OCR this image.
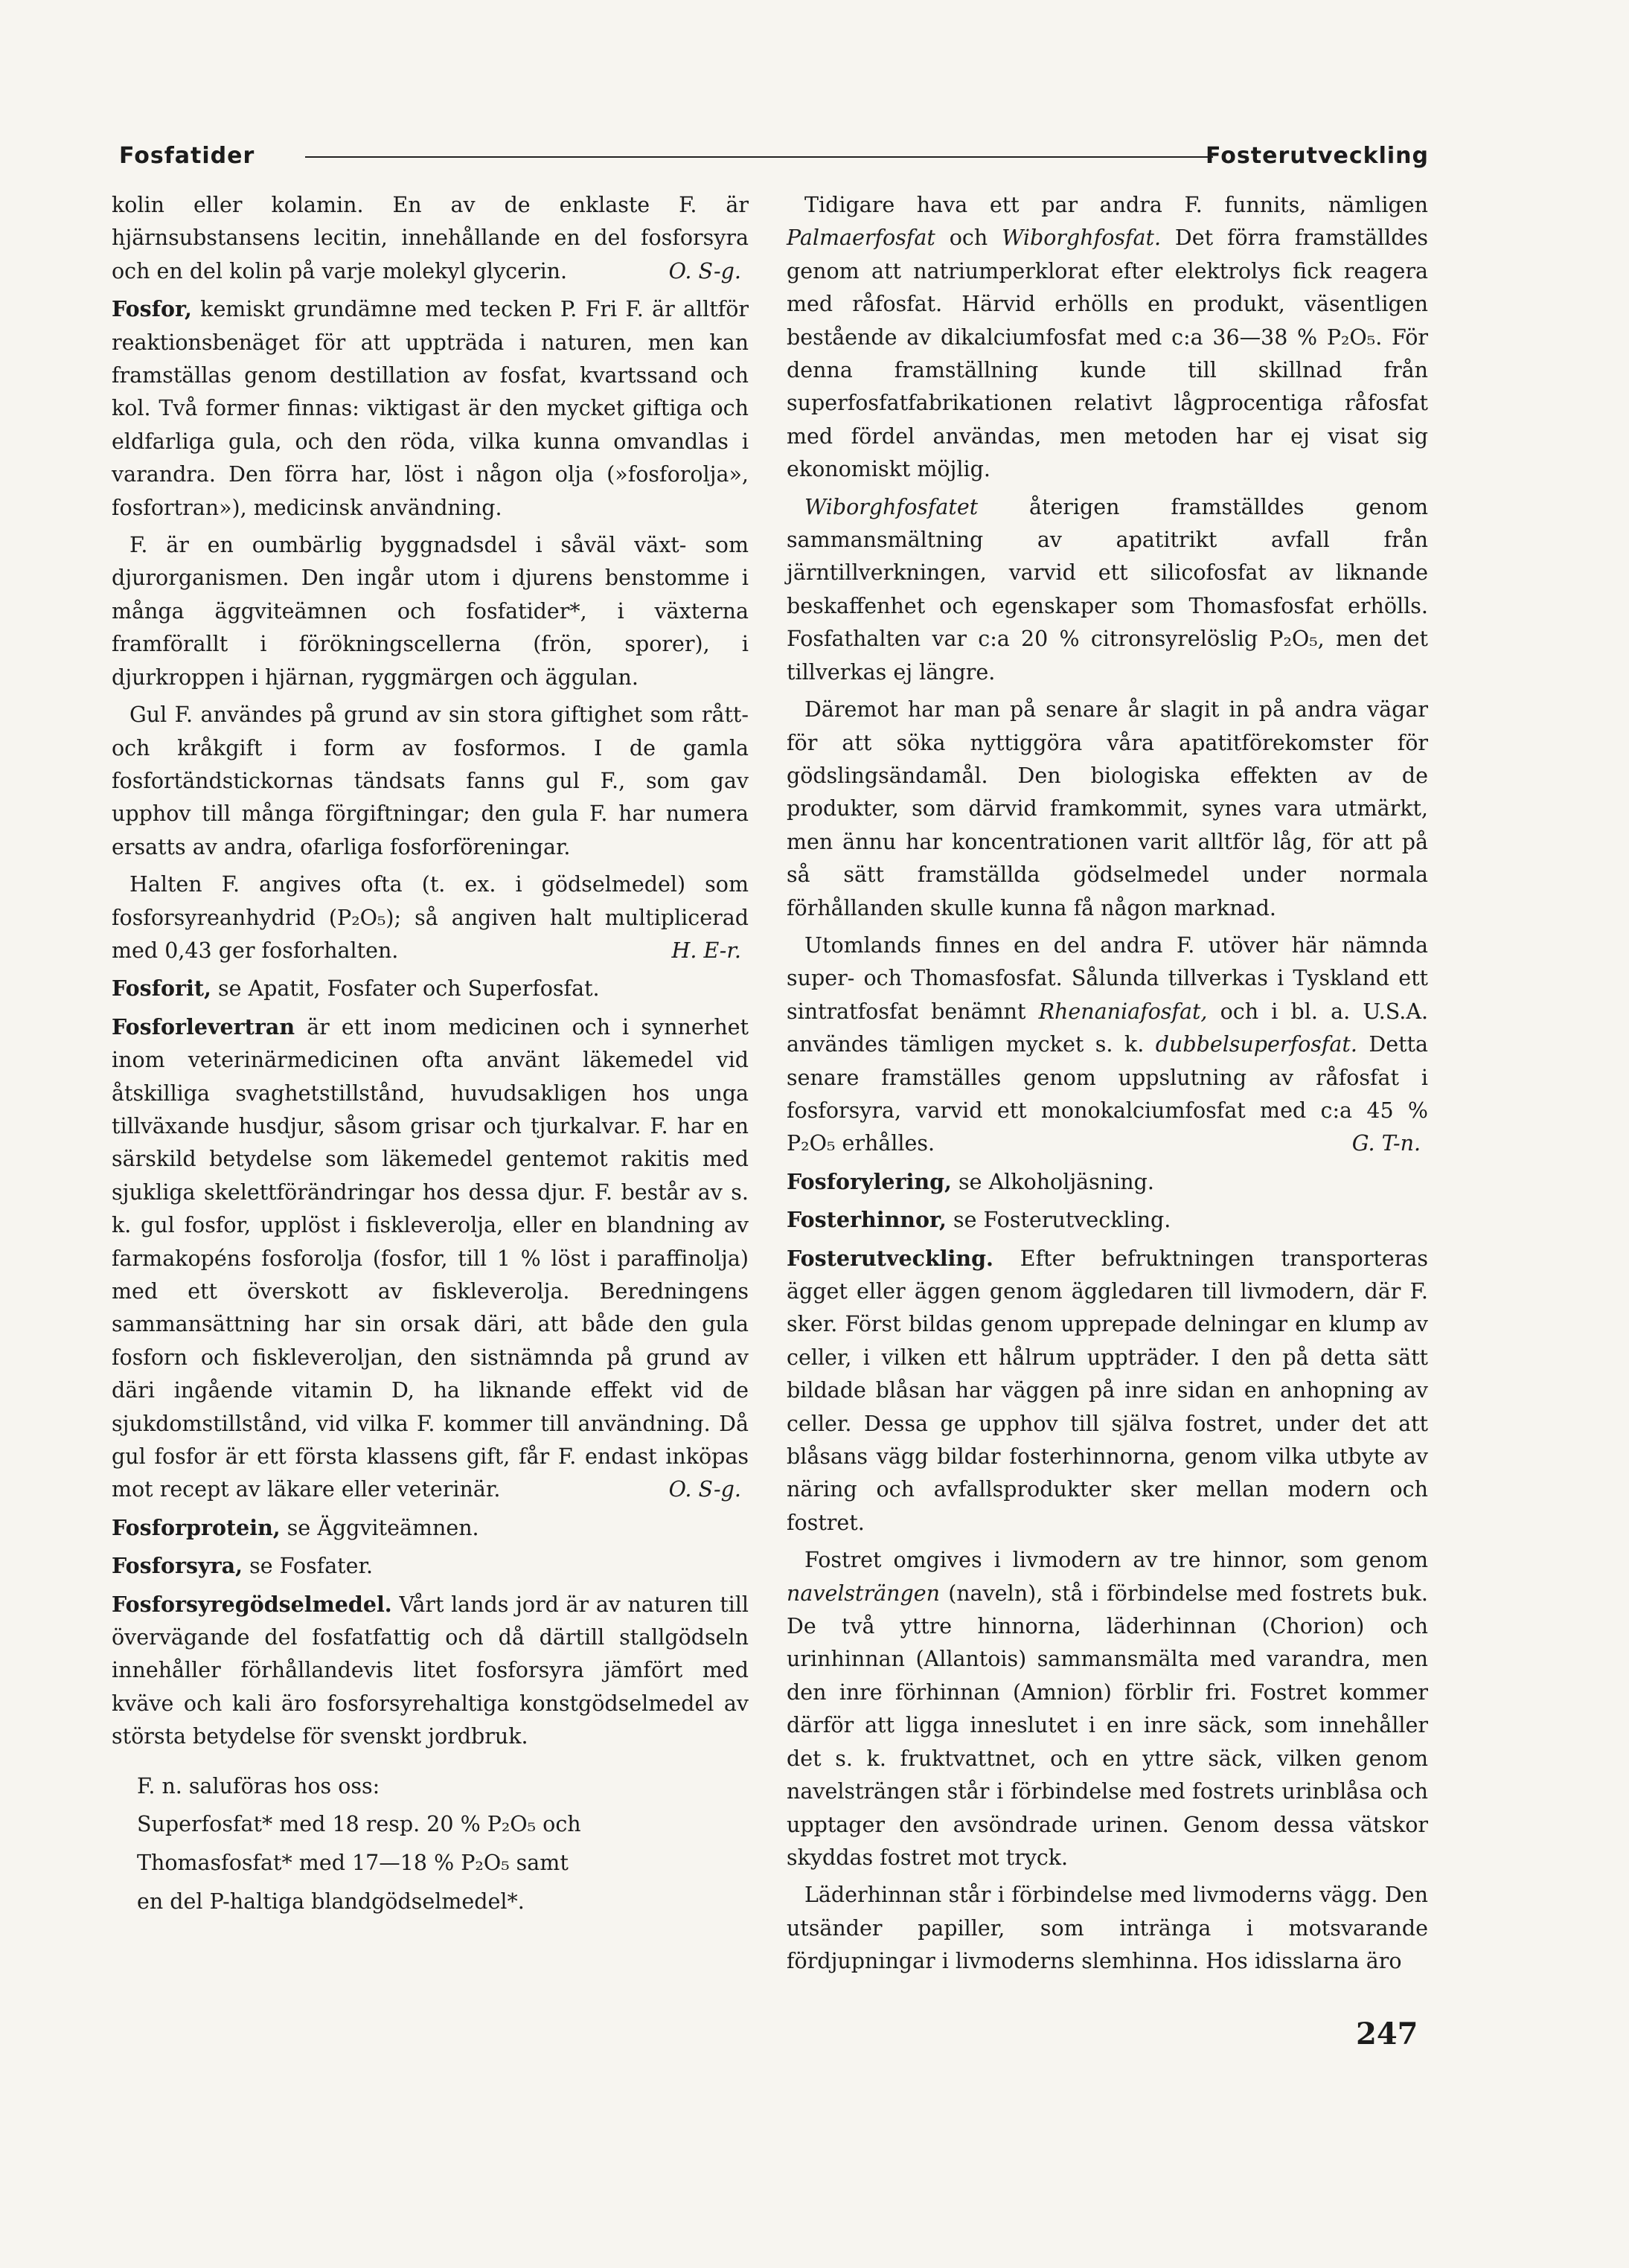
Fosfatider	Fosterutveckling

kolin eller kolamin. En av de enklaste F. är hjärnsubstansens lecitin, innehållande en del fosforsyra och en del kolin på varje molekyl glycerin.	O. S-g.

Fosfor, kemiskt grundämne med tecken P. Fri F. är alltför reaktionsbenäget för att uppträda i naturen, men kan framställas genom destillation av fosfat, kvartssand och kol. Två former finnas: viktigast är den mycket giftiga och eldfarliga gula, och den röda, vilka kunna omvandlas i varandra. Den förra har, löst i någon olja (»fosforolja», fosfortran»), medicinsk användning.

F. är en oumbärlig byggnadsdel i såväl växt- som djurorganismen. Den ingår utom i djurens benstomme i många äggviteämnen och fosfatider*, i växterna framförallt i förökningscellerna (frön, sporer), i djurkroppen i hjärnan, ryggmärgen och äggulan.

Gul F. användes på grund av sin stora giftighet som rått- och kråkgift i form av fosformos. I de gamla fosfortändstickornas tändsats fanns gul F., som gav upphov till många förgiftningar; den gula F. har numera ersatts av andra, ofarliga fosforföreningar.

Halten F. angives ofta (t. ex. i gödselmedel) som fosforsyreanhydrid (P₂O₅); så angiven halt multiplicerad med 0,43 ger fosforhalten.	H. E-r.

Fosforit, se Apatit, Fosfater och Superfosfat.

Fosforlevertran är ett inom medicinen och i synnerhet inom veterinärmedicinen ofta använt läkemedel vid åtskilliga svaghetstillstånd, huvudsakligen hos unga tillväxande husdjur, såsom grisar och tjurkalvar. F. har en särskild betydelse som läkemedel gentemot rakitis med sjukliga skelettförändringar hos dessa djur. F. består av s. k. gul fosfor, upplöst i fiskleverolja, eller en blandning av farmakopéns fosforolja (fosfor, till 1 % löst i paraffinolja) med ett överskott av fiskleverolja. Beredningens sammansättning har sin orsak däri, att både den gula fosforn och fiskleveroljan, den sistnämnda på grund av däri ingående vitamin D, ha liknande effekt vid de sjukdomstillstånd, vid vilka F. kommer till användning. Då gul fosfor är ett första klassens gift, får F. endast inköpas mot recept av läkare eller veterinär.	O. S-g.

Fosforprotein, se Äggviteämnen.

Fosforsyra, se Fosfater.

Fosforsyregödselmedel. Vårt lands jord är av naturen till övervägande del fosfatfattig och då därtill stallgödseln innehåller förhållandevis litet fosforsyra jämfört med kväve och kali äro fosforsyrehaltiga konstgödselmedel av största betydelse för svenskt jordbruk.

F. n. saluföras hos oss:

Superfosfat* med 18 resp. 20 % P₂O₅ och

Thomasfosfat* med 17—18 % P₂O₅ samt

en del P-haltiga blandgödselmedel*.

Tidigare hava ett par andra F. funnits, nämligen Palmaerfosfat och Wiborghfosfat. Det förra framställdes genom att natriumperklorat efter elektrolys fick reagera med råfosfat. Härvid erhölls en produkt, väsentligen bestående av dikalciumfosfat med c:a 36—38 % P₂O₅. För denna framställning kunde till skillnad från superfosfatfabrikationen relativt lågprocentiga råfosfat med fördel användas, men metoden har ej visat sig ekonomiskt möjlig.

Wiborghfosfatet återigen framställdes genom sammansmältning av apatitrikt avfall från järntillverkningen, varvid ett silicofosfat av liknande beskaffenhet och egenskaper som Thomasfosfat erhölls. Fosfathalten var c:a 20 % citronsyrelöslig P₂O₅, men det tillverkas ej längre.

Däremot har man på senare år slagit in på andra vägar för att söka nyttiggöra våra apatitförekomster för gödslingsändamål. Den biologiska effekten av de produkter, som därvid framkommit, synes vara utmärkt, men ännu har koncentrationen varit alltför låg, för att på så sätt framställda gödselmedel under normala förhållanden skulle kunna få någon marknad.

Utomlands finnes en del andra F. utöver här nämnda super- och Thomasfosfat. Sålunda tillverkas i Tyskland ett sintratfosfat benämnt Rhenaniafosfat, och i bl. a. U.S.A. användes tämligen mycket s. k. dubbelsuperfosfat. Detta senare framställes genom uppslutning av råfosfat i fosforsyra, varvid ett monokalciumfosfat med c:a 45 % P₂O₅ erhålles.	G. T-n.

Fosforylering, se Alkoholjäsning.

Fosterhinnor, se Fosterutveckling.

Fosterutveckling. Efter befruktningen transporteras ägget eller äggen genom äggledaren till livmodern, där F. sker. Först bildas genom upprepade delningar en klump av celler, i vilken ett hålrum uppträder. I den på detta sätt bildade blåsan har väggen på inre sidan en anhopning av celler. Dessa ge upphov till själva fostret, under det att blåsans vägg bildar fosterhinnorna, genom vilka utbyte av näring och avfallsprodukter sker mellan modern och fostret.

Fostret omgives i livmodern av tre hinnor, som genom navelsträngen (naveln), stå i förbindelse med fostrets buk. De två yttre hinnorna, läderhinnan (Chorion) och urinhinnan (Allantois) sammansmälta med varandra, men den inre förhinnan (Amnion) förblir fri. Fostret kommer därför att ligga inneslutet i en inre säck, som innehåller det s. k. fruktvattnet, och en yttre säck, vilken genom navelsträngen står i förbindelse med fostrets urinblåsa och upptager den avsöndrade urinen. Genom dessa vätskor skyddas fostret mot tryck.

Läderhinnan står i förbindelse med livmoderns vägg. Den utsänder papiller, som intränga i motsvarande fördjupningar i livmoderns slemhinna. Hos idisslarna äro

247
